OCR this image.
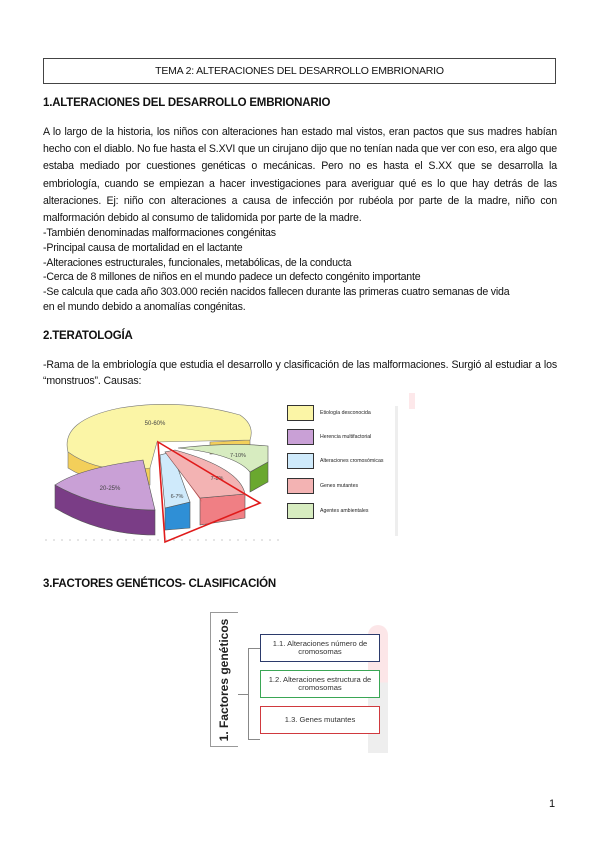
TEMA 2: ALTERACIONES DEL DESARROLLO EMBRIONARIO
1.ALTERACIONES DEL DESARROLLO EMBRIONARIO
A lo largo de la historia, los niños con alteraciones han estado mal vistos, eran pactos que sus madres habían hecho con el diablo. No fue hasta el S.XVI que un cirujano dijo que no tenían nada que ver con eso, era algo que estaba mediado por cuestiones genéticas o mecánicas. Pero no es hasta el S.XX que se desarrolla la embriología, cuando se empiezan a hacer investigaciones para averiguar qué es lo que hay detrás de las alteraciones. Ej: niño con alteraciones a causa de infección por rubéola por parte de la madre, niño con malformación debido al consumo de talidomida por parte de la madre.
-También denominadas malformaciones congénitas
-Principal causa de mortalidad en el lactante
-Alteraciones estructurales, funcionales, metabólicas, de la conducta
-Cerca de 8 millones de niños en el mundo padece un defecto congénito importante
-Se calcula que cada año 303.000 recién nacidos fallecen durante las primeras cuatro semanas de vida
en el mundo debido a anomalías congénitas.
2.TERATOLOGÍA
-Rama de la embriología que estudia el desarrollo y clasificación de las malformaciones. Surgió al estudiar a los “monstruos”. Causas:
50-60%
20-25%
6-7%
7-8%
7-10%
Etiología desconocida
Herencia multifactorial
Alteraciones cromosómicas
Genes mutantes
Agentes ambientales
3.FACTORES GENÉTICOS- CLASIFICACIÓN
1. Factores genéticos	1.1. Alteraciones número de cromosomas
1.2. Alteraciones estructura de cromosomas
1.3. Genes mutantes
1
